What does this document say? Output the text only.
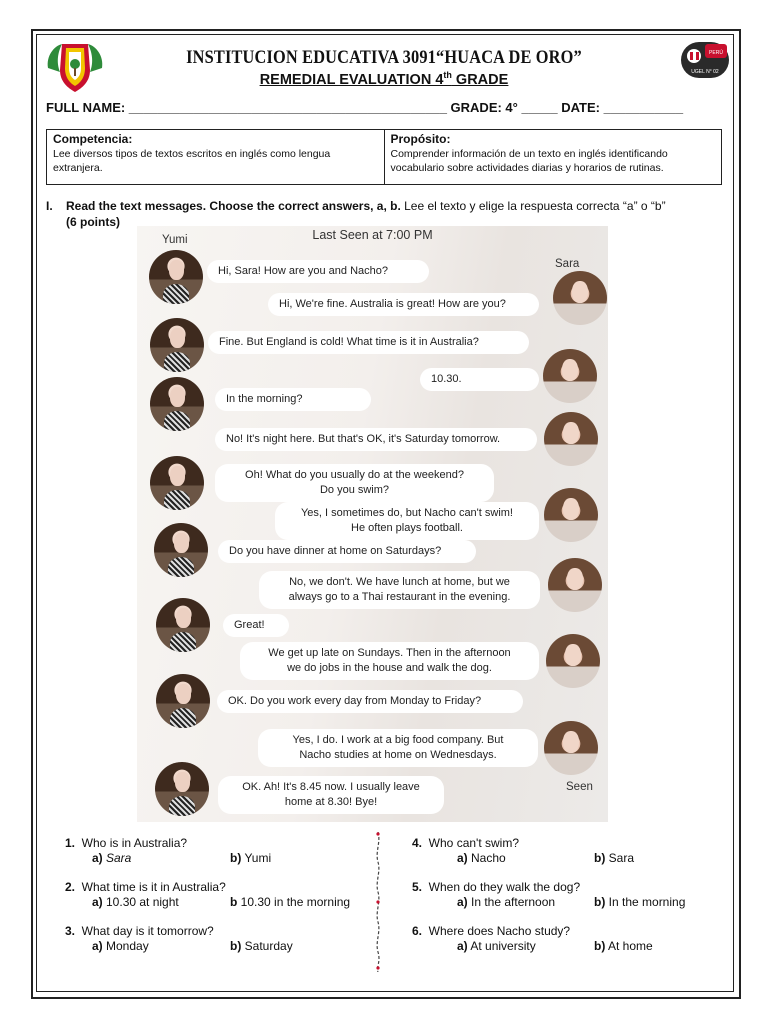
PERÚ
UGEL N° 02
INSTITUCION EDUCATIVA 3091“HUACA DE ORO”
REMEDIAL EVALUATION 4th GRADE
FULL NAME: ____________________________________________ GRADE: 4° _____ DATE: ___________
Competencia:
Lee diversos tipos de textos escritos en inglés como lengua extranjera.
Propósito:
Comprender información de un texto en inglés identificando vocabulario sobre actividades diarias y horarios de rutinas.
I. Read the text messages. Choose the correct answers, a, b. Lee el texto y elige la respuesta correcta “a” o “b”
(6 points)
Last Seen at 7:00 PM
Yumi
Sara
Seen
Hi, Sara! How are you and Nacho?
Hi, We're fine. Australia is great! How are you?
Fine. But England is cold! What time is it in Australia?
10.30.
In the morning?
No! It's night here. But that's OK, it's Saturday tomorrow.
Oh! What do you usually do at the weekend?
Do you swim?
Yes, I sometimes do, but Nacho can't swim!
He often plays football.
Do you have dinner at home on Saturdays?
No, we don't. We have lunch at home, but we
always go to a Thai restaurant in the evening.
Great!
We get up late on Sundays. Then in the afternoon
we do jobs in the house and walk the dog.
OK. Do you work every day from Monday to Friday?
Yes, I do. I work at a big food company. But
Nacho studies at home on Wednesdays.
OK. Ah! It's 8.45 now. I usually leave
home at 8.30! Bye!
1.  Who is in Australia?
a) Sara	b) Yumi
2.  What time is it in Australia?
a) 10.30 at night	b 10.30 in the morning
3.  What day is it tomorrow?
a) Monday	b) Saturday
4.  Who can't swim?
a) Nacho	b) Sara
5.  When do they walk the dog?
a) In the afternoon	b) In the morning
6.  Where does Nacho study?
a) At university	b) At home
